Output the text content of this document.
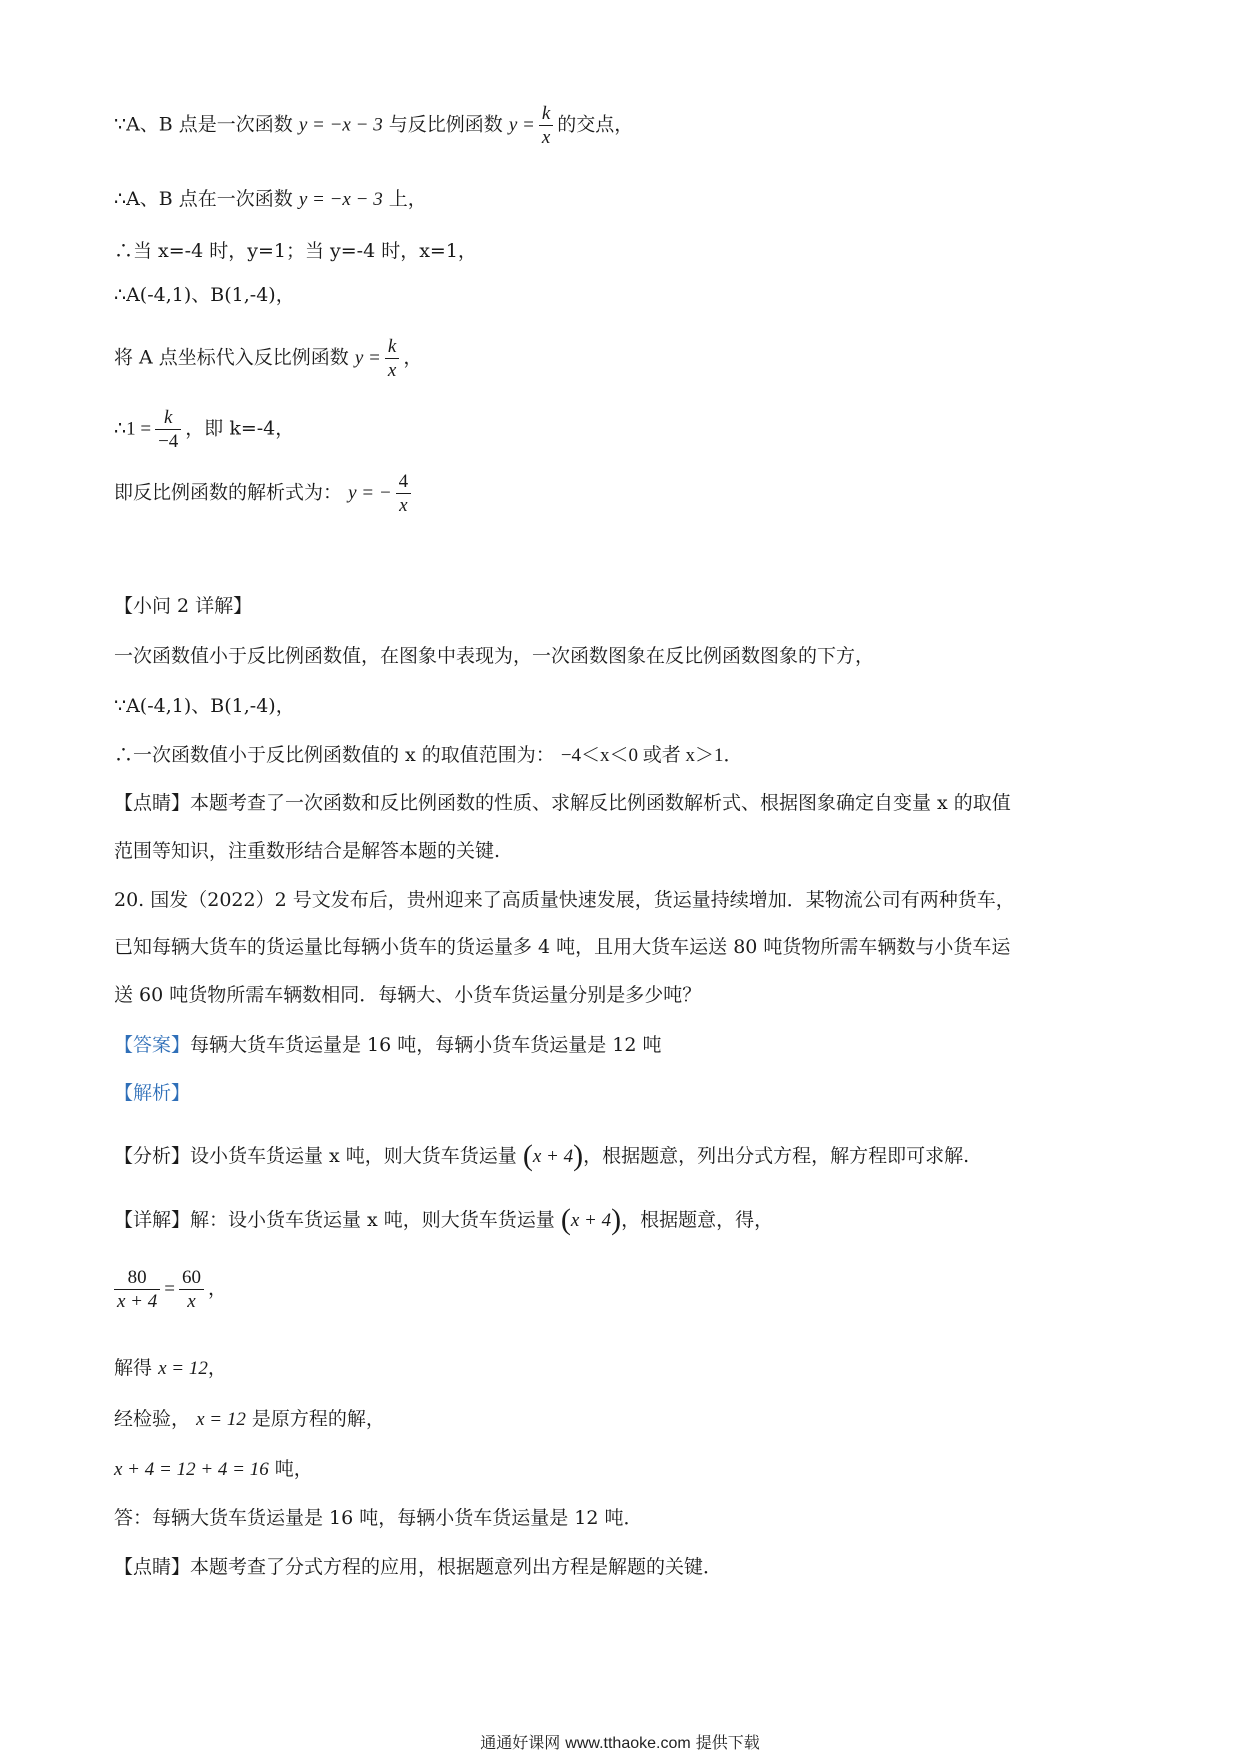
∵A、B 点是一次函数 y = −x − 3 与反比例函数 $y = \frac{k}{x}$ 的交点，
∴A、B 点在一次函数 y = −x − 3 上，
∴当 x=-4 时，y=1；当 y=-4 时，x=1，
∴A(-4,1)、B(1,-4)，
将 A 点坐标代入反比例函数 $y = \frac{k}{x}$ ，
∴1 = $\frac{k}{-4}$ ，即 k=-4，
即反比例函数的解析式为： y = − $\frac{4}{x}$
【小问 2 详解】
一次函数值小于反比例函数值，在图象中表现为，一次函数图象在反比例函数图象的下方，
∵A(-4,1)、B(1,-4)，
∴一次函数值小于反比例函数值的 x 的取值范围为： −4＜x＜0 或者 x＞1．
【点睛】本题考查了一次函数和反比例函数的性质、求解反比例函数解析式、根据图象确定自变量 x 的取值
范围等知识，注重数形结合是解答本题的关键.
20. 国发（2022）2 号文发布后，贵州迎来了高质量快速发展，货运量持续增加．某物流公司有两种货车，
已知每辆大货车的货运量比每辆小货车的货运量多 4 吨，且用大货车运送 80 吨货物所需车辆数与小货车运
送 60 吨货物所需车辆数相同．每辆大、小货车货运量分别是多少吨？
【答案】每辆大货车货运量是 16 吨，每辆小货车货运量是 12 吨
【解析】
【分析】设小货车货运量 x 吨，则大货车货运量 (x + 4)，根据题意，列出分式方程，解方程即可求解.
【详解】解：设小货车货运量 x 吨，则大货车货运量 (x + 4)，根据题意，得，
$\frac{80}{x + 4} = \frac{60}{x}$ ，
解得 x = 12，
经检验， x = 12 是原方程的解，
x + 4 = 12 + 4 = 16 吨，
答：每辆大货车货运量是 16 吨，每辆小货车货运量是 12 吨．
【点睛】本题考查了分式方程的应用，根据题意列出方程是解题的关键．
通通好课网 www.tthaoke.com 提供下载
